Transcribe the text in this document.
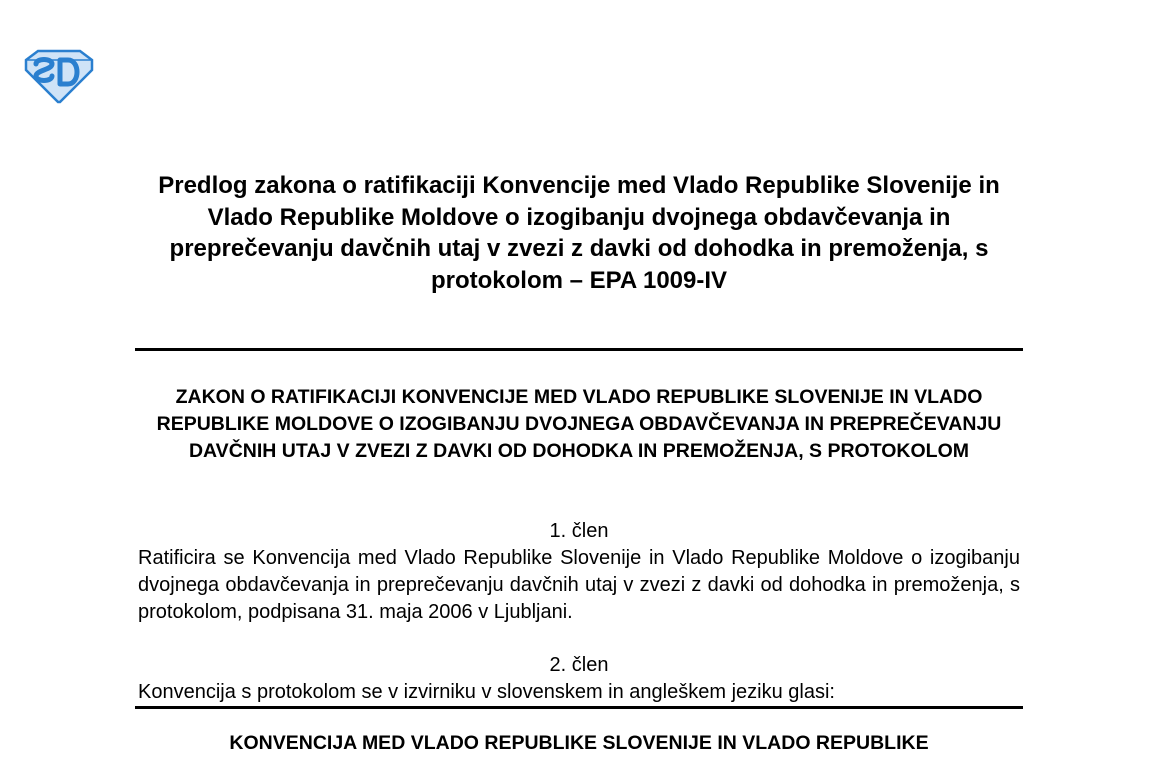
Predlog zakona o ratifikaciji Konvencije med Vlado Republike Slovenije in Vlado Republike Moldove o izogibanju dvojnega obdavčevanja in preprečevanju davčnih utaj v zvezi z davki od dohodka in premoženja, s protokolom – EPA 1009-IV
ZAKON O RATIFIKACIJI KONVENCIJE MED VLADO REPUBLIKE SLOVENIJE IN VLADO REPUBLIKE MOLDOVE O IZOGIBANJU DVOJNEGA OBDAVČEVANJA IN PREPREČEVANJU DAVČNIH UTAJ V ZVEZI Z DAVKI OD DOHODKA IN PREMOŽENJA, S PROTOKOLOM

1. člen

Ratificira se Konvencija med Vlado Republike Slovenije in Vlado Republike Moldove o izogibanju dvojnega obdavčevanja in preprečevanju davčnih utaj v zvezi z davki od dohodka in premoženja, s protokolom, podpisana 31. maja 2006 v Ljubljani.

2. člen

Konvencija s protokolom se v izvirniku v slovenskem in angleškem jeziku glasi:

KONVENCIJA MED VLADO REPUBLIKE SLOVENIJE IN VLADO REPUBLIKE
